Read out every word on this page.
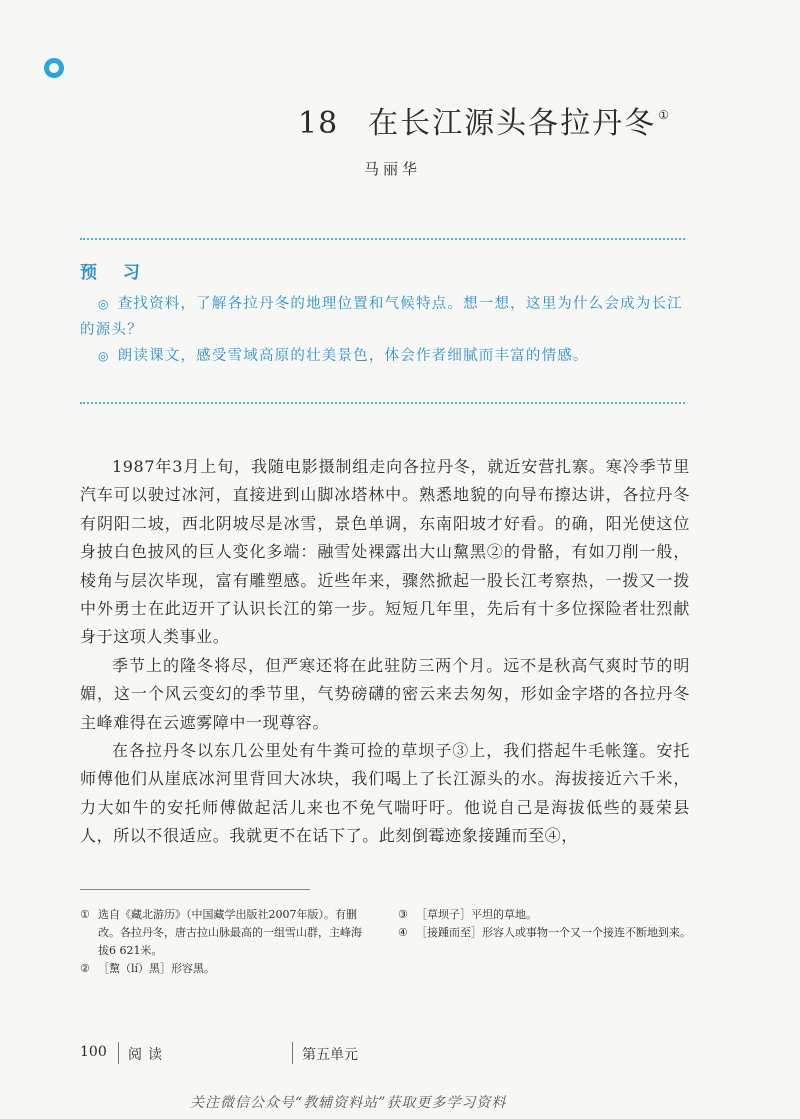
18 在长江源头各拉丹冬 ①
马丽华
预 习

◎ 查找资料，了解各拉丹冬的地理位置和气候特点。想一想，这里为什么会成为长江的源头？

◎ 朗读课文，感受雪域高原的壮美景色，体会作者细腻而丰富的情感。

1987年3月上旬，我随电影摄制组走向各拉丹冬，就近安营扎寨。寒冷季节里汽车可以驶过冰河，直接进到山脚冰塔林中。熟悉地貌的向导布擦达讲，各拉丹冬有阴阳二坡，西北阴坡尽是冰雪，景色单调，东南阳坡才好看。的确，阳光使这位身披白色披风的巨人变化多端：融雪处裸露出大山黧黑②的骨骼，有如刀削一般，棱角与层次毕现，富有雕塑感。近些年来，骤然掀起一股长江考察热，一拨又一拨中外勇士在此迈开了认识长江的第一步。短短几年里，先后有十多位探险者壮烈献身于这项人类事业。

季节上的隆冬将尽，但严寒还将在此驻防三两个月。远不是秋高气爽时节的明媚，这一个风云变幻的季节里，气势磅礴的密云来去匆匆，形如金字塔的各拉丹冬主峰难得在云遮雾障中一现尊容。

在各拉丹冬以东几公里处有牛粪可捡的草坝子③上，我们搭起牛毛帐篷。安托师傅他们从崖底冰河里背回大冰块，我们喝上了长江源头的水。海拔接近六千米，力大如牛的安托师傅做起活儿来也不免气喘吁吁。他说自己是海拔低些的聂荣县人，所以不很适应。我就更不在话下了。此刻倒霉迹象接踵而至④，

① 选自《藏北游历》（中国藏学出版社2007年版）。有删改。各拉丹冬，唐古拉山脉最高的一组雪山群，主峰海拔6 621米。

② ［黧（lí）黑］形容黑。

③ ［草坝子］平坦的草地。

④ ［接踵而至］形容人或事物一个又一个接连不断地到来。

100 阅读	第五单元
关注微信公众号“教辅资料站”获取更多学习资料
